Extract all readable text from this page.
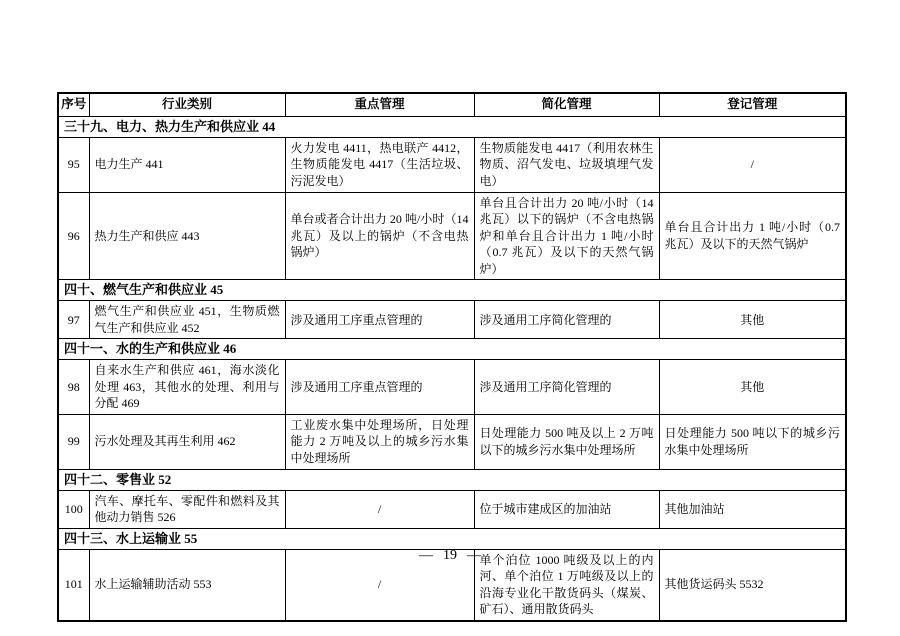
序号	行业类别	重点管理	简化管理	登记管理
三十九、电力、热力生产和供应业 44				
95	电力生产 441	火力发电 4411，热电联产 4412，生物质能发电 4417（生活垃圾、污泥发电）	生物质能发电 4417（利用农林生物质、沼气发电、垃圾填埋气发电）	/
96	热力生产和供应 443	单台或者合计出力 20 吨/小时（14 兆瓦）及以上的锅炉（不含电热锅炉）	单台且合计出力 20 吨/小时（14 兆瓦）以下的锅炉（不含电热锅炉和单台且合计出力 1 吨/小时（0.7 兆瓦）及以下的天然气锅炉）	单台且合计出力 1 吨/小时（0.7 兆瓦）及以下的天然气锅炉
四十、燃气生产和供应业 45				
97	燃气生产和供应业 451，生物质燃气生产和供应业 452	涉及通用工序重点管理的	涉及通用工序简化管理的	其他
四十一、水的生产和供应业 46				
98	自来水生产和供应 461，海水淡化处理 463，其他水的处理、利用与分配 469	涉及通用工序重点管理的	涉及通用工序简化管理的	其他
99	污水处理及其再生利用 462	工业废水集中处理场所，日处理能力 2 万吨及以上的城乡污水集中处理场所	日处理能力 500 吨及以上 2 万吨以下的城乡污水集中处理场所	日处理能力 500 吨以下的城乡污水集中处理场所
四十二、零售业 52				
100	汽车、摩托车、零配件和燃料及其他动力销售 526	/	位于城市建成区的加油站	其他加油站
四十三、水上运输业 55				
101	水上运输辅助活动 553	/	单个泊位 1000 吨级及以上的内河、单个泊位 1 万吨级及以上的沿海专业化干散货码头（煤炭、矿石）、通用散货码头	其他货运码头 5532
— 19 —
